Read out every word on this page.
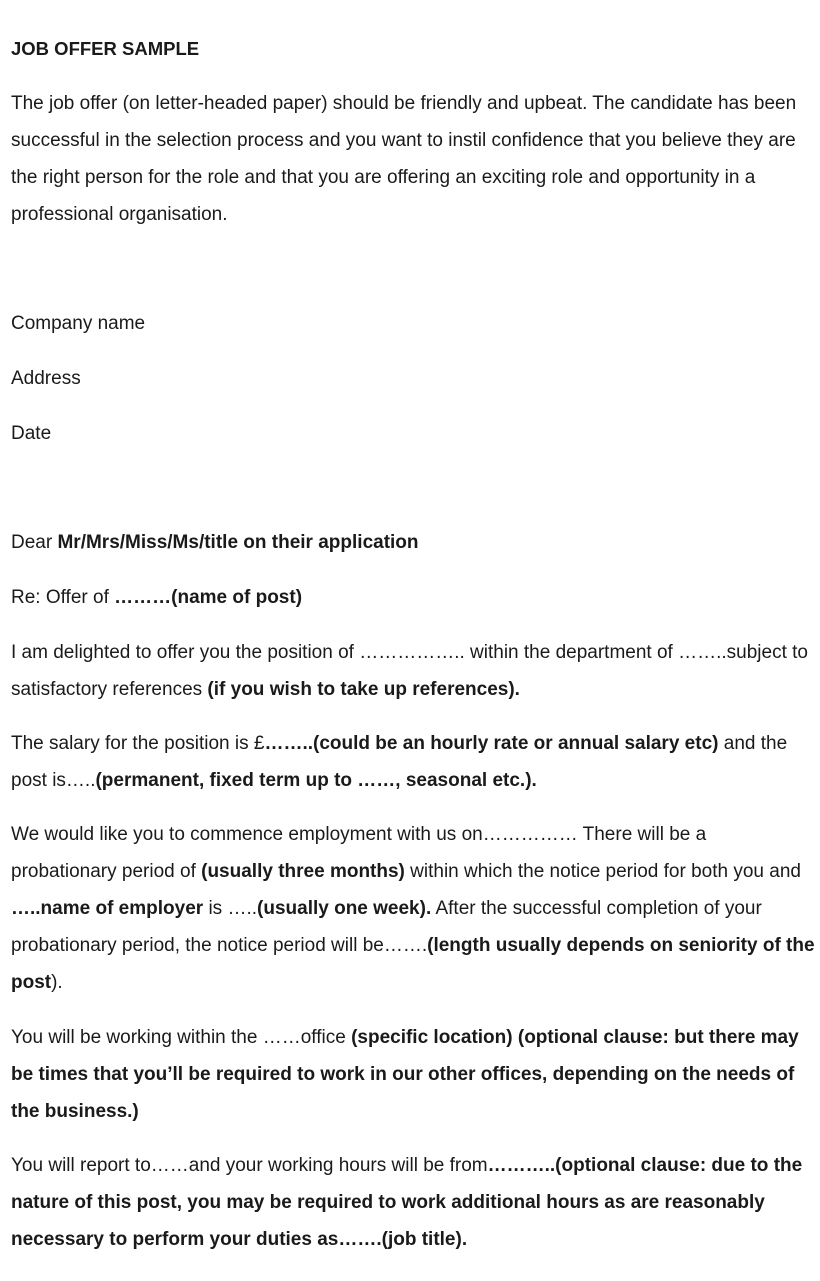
JOB OFFER SAMPLE

The job offer (on letter-headed paper) should be friendly and upbeat. The candidate has been successful in the selection process and you want to instil confidence that you believe they are the right person for the role and that you are offering an exciting role and opportunity in a professional organisation.

Company name

Address

Date

Dear Mr/Mrs/Miss/Ms/title on their application

Re: Offer of ………(name of post)

I am delighted to offer you the position of …………….. within the department of ……..subject to satisfactory references (if you wish to take up references).

The salary for the position is £……..(could be an hourly rate or annual salary etc) and the post is…..(permanent, fixed term up to ……, seasonal etc.).

We would like you to commence employment with us on…………… There will be a probationary period of (usually three months) within which the notice period for both you and …..name of employer is …..(usually one week). After the successful completion of your probationary period, the notice period will be…….(length usually depends on seniority of the post).

You will be working within the ……office (specific location) (optional clause: but there may be times that you’ll be required to work in our other offices, depending on the needs of the business.)

You will report to……and your working hours will be from………..(optional clause: due to the nature of this post, you may be required to work additional hours as are reasonably necessary to perform your duties as…….(job title).
